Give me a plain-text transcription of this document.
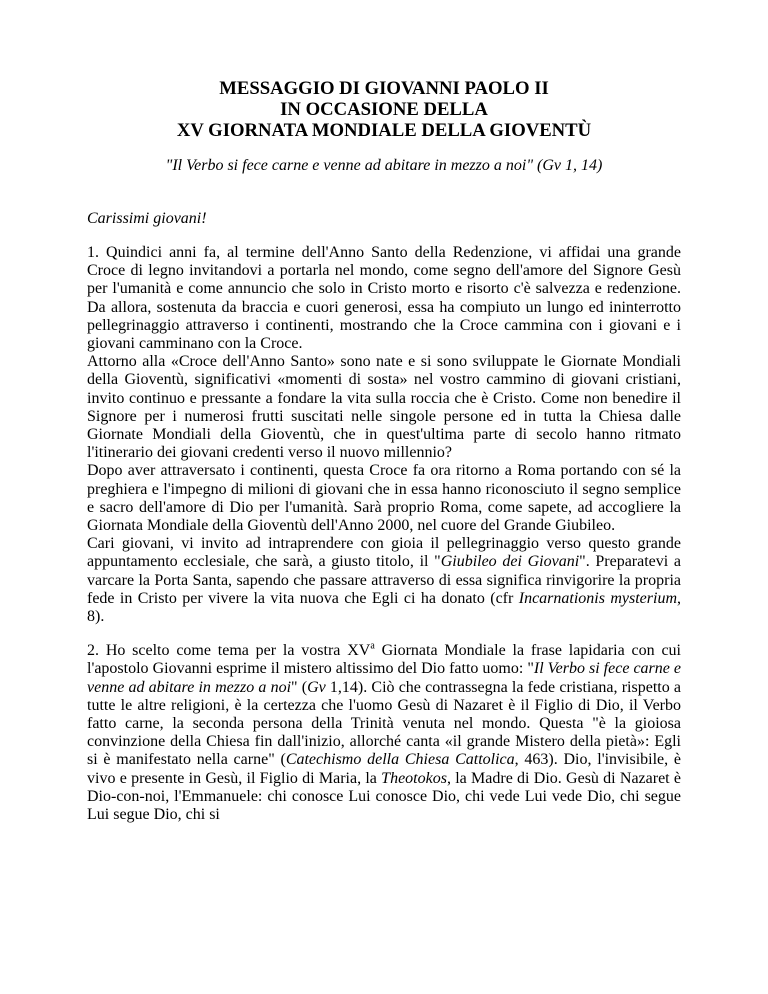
MESSAGGIO DI GIOVANNI PAOLO II
IN OCCASIONE DELLA
XV GIORNATA MONDIALE DELLA GIOVENTÙ

"Il Verbo si fece carne e venne ad abitare in mezzo a noi" (Gv 1, 14)

Carissimi giovani!

1. Quindici anni fa, al termine dell'Anno Santo della Redenzione, vi affidai una grande Croce di legno invitandovi a portarla nel mondo, come segno dell'amore del Signore Gesù per l'umanità e come annuncio che solo in Cristo morto e risorto c'è salvezza e redenzione. Da allora, sostenuta da braccia e cuori generosi, essa ha compiuto un lungo ed ininterrotto pellegrinaggio attraverso i continenti, mostrando che la Croce cammina con i giovani e i giovani camminano con la Croce.
Attorno alla «Croce dell'Anno Santo» sono nate e si sono sviluppate le Giornate Mondiali della Gioventù, significativi «momenti di sosta» nel vostro cammino di giovani cristiani, invito continuo e pressante a fondare la vita sulla roccia che è Cristo. Come non benedire il Signore per i numerosi frutti suscitati nelle singole persone ed in tutta la Chiesa dalle Giornate Mondiali della Gioventù, che in quest'ultima parte di secolo hanno ritmato l'itinerario dei giovani credenti verso il nuovo millennio?
Dopo aver attraversato i continenti, questa Croce fa ora ritorno a Roma portando con sé la preghiera e l'impegno di milioni di giovani che in essa hanno riconosciuto il segno semplice e sacro dell'amore di Dio per l'umanità. Sarà proprio Roma, come sapete, ad accogliere la Giornata Mondiale della Gioventù dell'Anno 2000, nel cuore del Grande Giubileo.
Cari giovani, vi invito ad intraprendere con gioia il pellegrinaggio verso questo grande appuntamento ecclesiale, che sarà, a giusto titolo, il "Giubileo dei Giovani". Preparatevi a varcare la Porta Santa, sapendo che passare attraverso di essa significa rinvigorire la propria fede in Cristo per vivere la vita nuova che Egli ci ha donato (cfr Incarnationis mysterium, 8).
2. Ho scelto come tema per la vostra $XV^a$ Giornata Mondiale la frase lapidaria con cui l'apostolo Giovanni esprime il mistero altissimo del Dio fatto uomo: "Il Verbo si fece carne e venne ad abitare in mezzo a noi" (Gv 1,14). Ciò che contrassegna la fede cristiana, rispetto a tutte le altre religioni, è la certezza che l'uomo Gesù di Nazaret è il Figlio di Dio, il Verbo fatto carne, la seconda persona della Trinità venuta nel mondo. Questa "è la gioiosa convinzione della Chiesa fin dall'inizio, allorché canta «il grande Mistero della pietà»: Egli si è manifestato nella carne" (Catechismo della Chiesa Cattolica, 463). Dio, l'invisibile, è vivo e presente in Gesù, il Figlio di Maria, la Theotokos, la Madre di Dio. Gesù di Nazaret è Dio-con-noi, l'Emmanuele: chi conosce Lui conosce Dio, chi vede Lui vede Dio, chi segue Lui segue Dio, chi si
